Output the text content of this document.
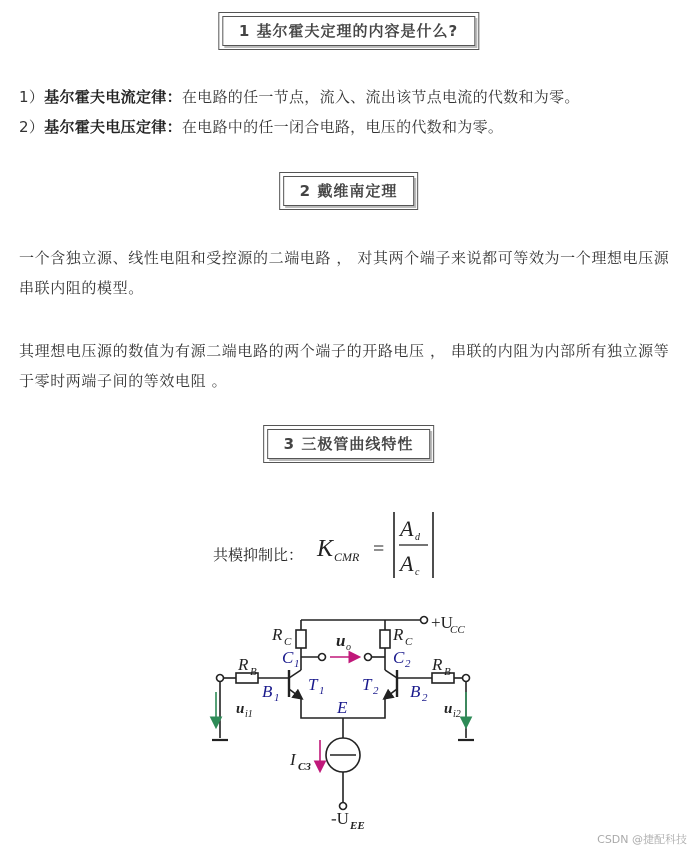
1 基尔霍夫定理的内容是什么?
1）基尔霍夫电流定律：在电路的任一节点，流入、流出该节点电流的代数和为零。
2）基尔霍夫电压定律：在电路中的任一闭合电路，电压的代数和为零。
2 戴维南定理
一个含独立源、线性电阻和受控源的二端电路 ， 对其两个端子来说都可等效为一个理想电压源串联内阻的模型。
其理想电压源的数值为有源二端电路的两个端子的开路电压 ， 串联的内阻为内部所有独立源等于零时两端子间的等效电阻 。
3 三极管曲线特性
共模抑制比： K CMR =
A d
A c
R C	R C
+U
CC
u o
R B	R B
u i1	u i2
I C3
-U EE
C 1	C 2
B 1	B 2
T 1 T 2
E
CSDN @捷配科技
